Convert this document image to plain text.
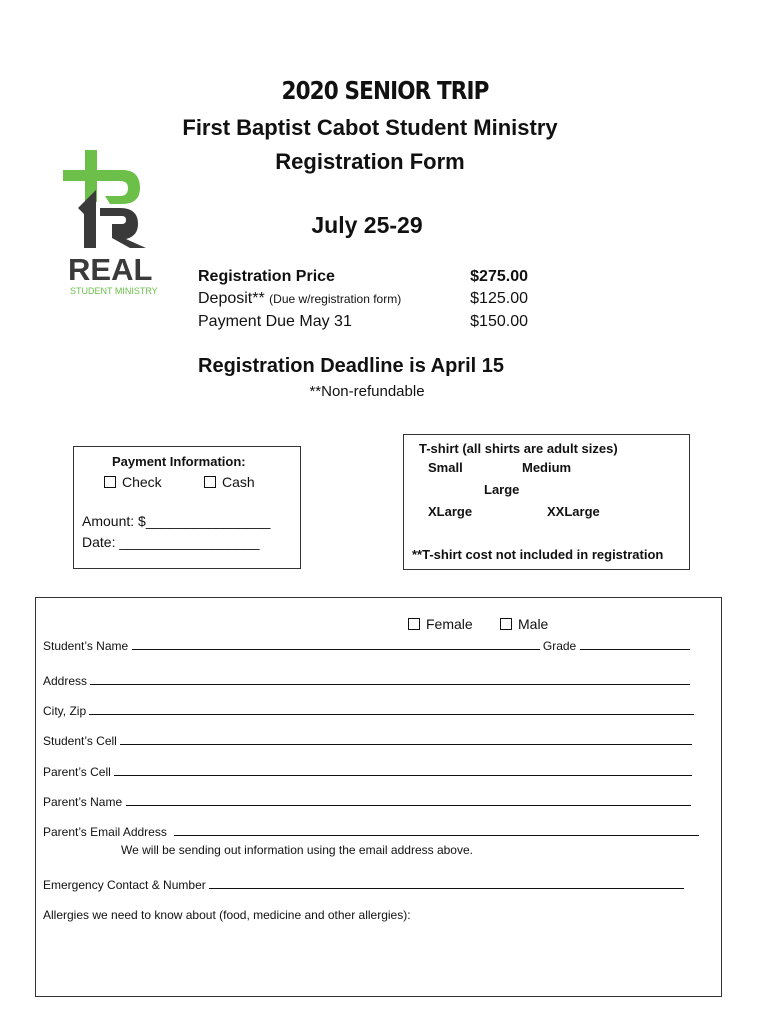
REAL
STUDENT MINISTRY
2020 SENIOR TRIP
First Baptist Cabot Student Ministry
Registration Form
July 25-29
Registration Price	$275.00
Deposit** (Due w/registration form)	$125.00
Payment Due May 31	$150.00
Registration Deadline is April 15
**Non-refundable
Payment Information:
Check	Cash
Amount: $________________
Date: __________________
T-shirt (all shirts are adult sizes)
Small	Medium
Large
XLarge	XXLarge
**T-shirt cost not included in registration
Female	Male
Student’s Name	Grade
Address
City, Zip
Student’s Cell
Parent’s Cell
Parent’s Name
Parent’s Email Address
We will be sending out information using the email address above.
Emergency Contact & Number
Allergies we need to know about (food, medicine and other allergies):
